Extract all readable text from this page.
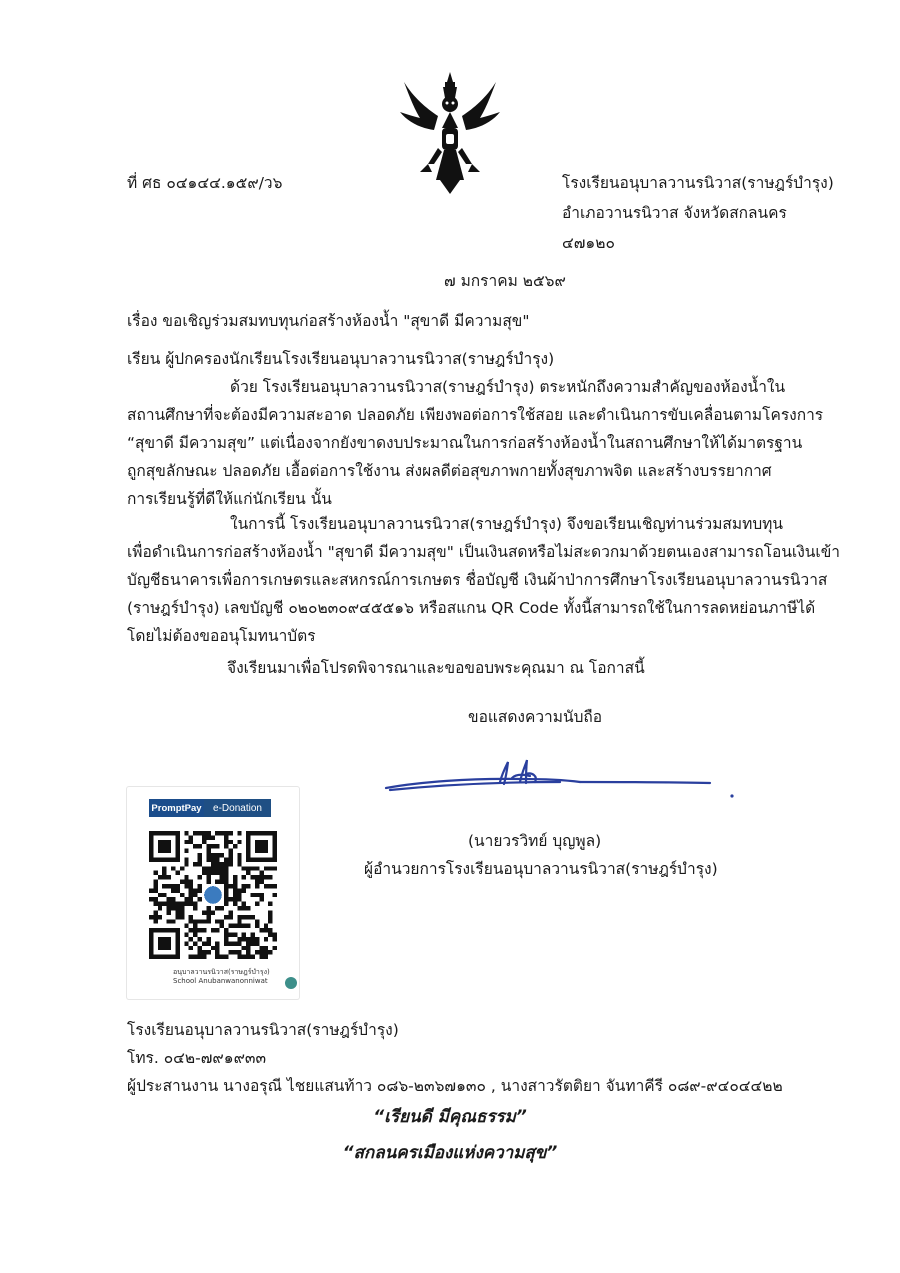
ที่ ศธ ๐๔๑๔๔.๑๕๙/ว๖	โรงเรียนอนุบาลวานรนิวาส(ราษฎร์บำรุง)
อำเภอวานรนิวาส จังหวัดสกลนคร
๔๗๑๒๐
๗ มกราคม ๒๕๖๙
เรื่อง ขอเชิญร่วมสมทบทุนก่อสร้างห้องน้ำ "สุขาดี มีความสุข"
เรียน ผู้ปกครองนักเรียนโรงเรียนอนุบาลวานรนิวาส(ราษฎร์บำรุง)
ด้วย โรงเรียนอนุบาลวานรนิวาส(ราษฎร์บำรุง) ตระหนักถึงความสำคัญของห้องน้ำใน
สถานศึกษาที่จะต้องมีความสะอาด ปลอดภัย เพียงพอต่อการใช้สอย และดำเนินการขับเคลื่อนตามโครงการ
“สุขาดี มีความสุข” แต่เนื่องจากยังขาดงบประมาณในการก่อสร้างห้องน้ำในสถานศึกษาให้ได้มาตรฐาน
ถูกสุขลักษณะ ปลอดภัย เอื้อต่อการใช้งาน ส่งผลดีต่อสุขภาพกายทั้งสุขภาพจิต และสร้างบรรยากาศ
การเรียนรู้ที่ดีให้แก่นักเรียน นั้น
ในการนี้ โรงเรียนอนุบาลวานรนิวาส(ราษฎร์บำรุง) จึงขอเรียนเชิญท่านร่วมสมทบทุน
เพื่อดำเนินการก่อสร้างห้องน้ำ "สุขาดี มีความสุข" เป็นเงินสดหรือไม่สะดวกมาด้วยตนเองสามารถโอนเงินเข้า
บัญชีธนาคารเพื่อการเกษตรและสหกรณ์การเกษตร ชื่อบัญชี เงินผ้าป่าการศึกษาโรงเรียนอนุบาลวานรนิวาส
(ราษฎร์บำรุง) เลขบัญชี ๐๒๐๒๓๐๙๔๕๕๑๖ หรือสแกน QR Code ทั้งนี้สามารถใช้ในการลดหย่อนภาษีได้
โดยไม่ต้องขออนุโมทนาบัตร
จึงเรียนมาเพื่อโปรดพิจารณาและขอขอบพระคุณมา ณ โอกาสนี้
ขอแสดงความนับถือ
(นายวรวิทย์ บุญพูล)
ผู้อำนวยการโรงเรียนอนุบาลวานรนิวาส(ราษฎร์บำรุง)
PromptPay	e-Donation
อนุบาลวานรนิวาส(ราษฎร์บำรุง)
School Anubanwanonniwat
โรงเรียนอนุบาลวานรนิวาส(ราษฎร์บำรุง)
โทร. ๐๔๒-๗๙๑๙๓๓
ผู้ประสานงาน นางอรุณี ไชยแสนท้าว ๐๘๖-๒๓๖๗๑๓๐ , นางสาวรัตติยา จันทาคีรี ๐๘๙-๙๔๐๔๔๒๒
“เรียนดี มีคุณธรรม”
“สกลนครเมืองแห่งความสุข”
